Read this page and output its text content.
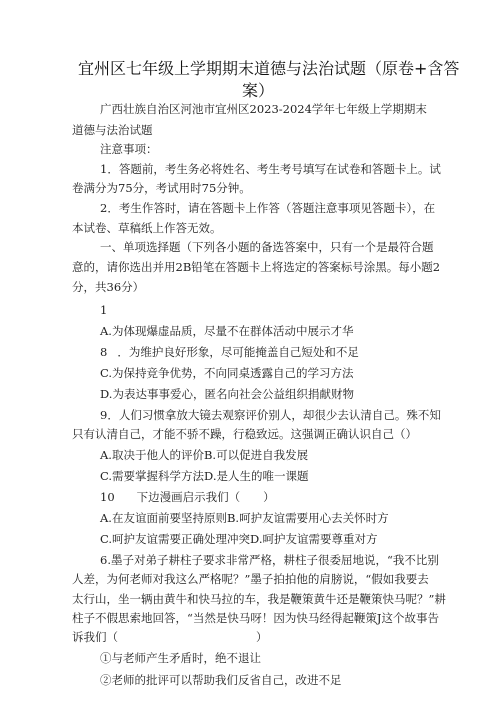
宜州区七年级上学期期末道德与法治试题（原卷+含答
案）
广西壮族自治区河池市宜州区2023-2024学年七年级上学期期末
道德与法治试题
注意事项：
1．答题前，考生务必将姓名、考生考号填写在试卷和答题卡上。试
卷满分为75分，考试用时75分钟。
2．考生作答时，请在答题卡上作答（答题注意事项见答题卡），在
本试卷、草稿纸上作答无效。
一、单项选择题（下列各小题的备选答案中，只有一个是最符合题
意的，请你选出并用2B铅笔在答题卡上将选定的答案标号涂黑。每小题2
分，共36分）
1
A.为体现爆虚品质，尽量不在群体活动中展示才华
8 ．为维护良好形象，尽可能掩盖自己短处和不足
C.为保持竞争优势，不向同桌透露自己的学习方法
D.为表达事事爱心，匿名向社会公益组织捐献财物
9．人们习惯拿放大镜去观察评价别人，却很少去认清自己。殊不知
只有认清自己，才能不骄不躁，行稳致远。这强调正确认识自己（）
A.取决于他人的评价B.可以促进自我发展
C.需要掌握科学方法D.是人生的唯一课题
10 下边漫画启示我们（　　）
A.在友谊面前要坚持原则B.呵护友谊需要用心去关怀时方
C.呵护友谊需要正确处理冲突D.呵护友谊需要尊重对方
6.墨子对弟子耕柱子要求非常严格，耕柱子很委屈地说，“我不比别
人差，为何老师对我这么严格呢？”墨子拍拍他的肩膀说，“假如我要去
太行山，坐一辆由黄牛和快马拉的车，我是鞭策黄牛还是鞭策快马呢？”耕
柱子不假思索地回答，“当然是快马呀！因为快马经得起鞭策J这个故事告
诉我们（　　　　　　　　　　　　）
①与老师产生矛盾时，绝不退让
②老师的批评可以帮助我们反省自己，改进不足
